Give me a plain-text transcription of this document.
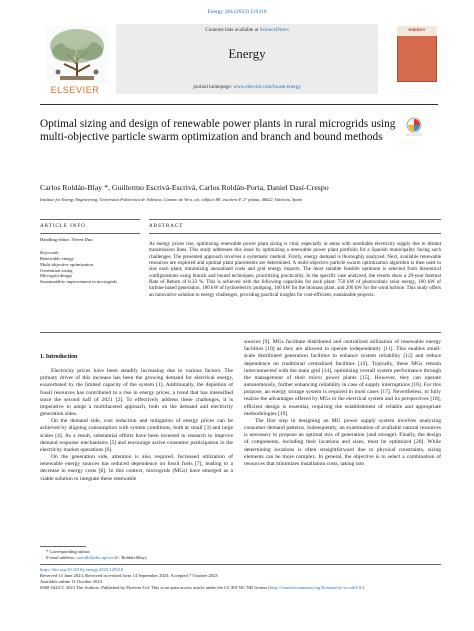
Energy 284 (2023) 129318
Contents lists available at ScienceDirect
Energy
journal homepage: www.elsevier.com/locate/energy
ELSEVIER
ENERGY
Optimal sizing and design of renewable power plants in rural microgrids using multi-objective particle swarm optimization and branch and bound methods
Carlos Roldán-Blay *, Guillermo Escrivá-Escrivá, Carlos Roldán-Porta, Daniel Dasí-Crespo
Institute for Energy Engineering, Universitat Politècnica de València, Camino de Vera, s/n, edificio 8E, escalera F, 2° planta, 46022, Valencia, Spain
ARTICLE INFO	ABSTRACT
Handling editor: Neven Duic
Keywords:
Renewable energy
Multi-objective optimization
Generation sizing
Microgrid design
Sustainability improvement in microgrids
As energy prices rise, optimizing renewable power plant sizing is vital, especially in areas with unreliable electricity supply due to distant transmission lines. This study addresses this issue by optimizing a renewable power plant portfolio for a Spanish municipality facing such challenges. The presented approach involves a systematic method. Firstly, energy demand is thoroughly analyzed. Next, available renewable resources are explored and optimal plant placements are determined. A multi-objective particle swarm optimization algorithm is then used to size each plant, minimizing annualized costs and grid energy imports. The most suitable feasible optimum is selected from theoretical configurations using branch and bound techniques, prioritizing practicality. In the specific case analyzed, the results show a 20-year Internal Rate of Return of 8.33 %. This is achieved with the following capacities for each plant: 750 kW of photovoltaic solar energy, 160 kW of turbine-based generation, 180 kW of hydroelectric pumping, 160 kW for the biomass plant, and 200 kW for the wind turbine. This study offers an innovative solution to energy challenges, providing practical insights for cost-efficient, sustainable projects.
1. Introduction

Electricity prices have been steadily increasing due to various factors. The primary driver of this increase has been the growing demand for electrical energy, exacerbated by the limited capacity of the system [1]. Additionally, the depletion of fossil resources has contributed to a rise in energy prices, a trend that has intensified since the second half of 2021 [2]. To effectively address these challenges, it is imperative to adopt a multifaceted approach, both on the demand and electricity generation sides.

On the demand side, cost reduction and mitigation of energy prices can be achieved by aligning consumption with system conditions, both at small [3] and large scales [4]. As a result, substantial efforts have been invested in research to improve demand response mechanisms [5] and encourage active consumer participation in the electricity market operations [6].

On the generation side, attention is also required. Increased utilization of renewable energy sources has reduced dependence on fossil fuels [7], leading to a decrease in energy costs [8]. In this context, microgrids (MGs) have emerged as a viable solution to integrate these renewable

sources [9]. MGs facilitate distributed and centralized utilization of renewable energy facilities [10] as they are allowed to operate independently [11]. This enables small-scale distributed generation facilities to enhance system reliability [12] and reduce dependence on traditional centralized facilities [13]. Typically, these MGs remain interconnected with the main grid [14], optimizing overall system performance through the management of their micro power plants [15]. However, they can operate autonomously, further enhancing reliability in case of supply interruptions [16]. For this purpose, an energy storage system is required in most cases [17]. Nevertheless, to fully realize the advantages offered by MGs to the electrical system and its perspectives [18], efficient design is essential, requiring the establishment of reliable and appropriate methodologies [19].

The first step in designing an MG power supply system involves analyzing consumer demand patterns. Subsequently, an examination of available natural resources is necessary to propose an optimal mix of generation (and storage). Finally, the design of components, including their locations and sizes, must be optimized [20]. While determining locations is often straightforward due to physical constraints, sizing elements can be more complex. In general, the objective is to select a combination of resources that minimizes installation costs, taking into

* Corresponding author.
E-mail address: carrolbl@die.upv.es (C. Roldán-Blay).
https://doi.org/10.1016/j.energy.2023.129318
Received 13 June 2023; Received in revised form 14 September 2023; Accepted 7 October 2023
Available online 11 October 2023
0360-5442/© 2023 The Authors. Published by Elsevier Ltd. This is an open access article under the CC BY-NC-ND license (http://creativecommons.org/licenses/by-nc-nd/4.0/).
